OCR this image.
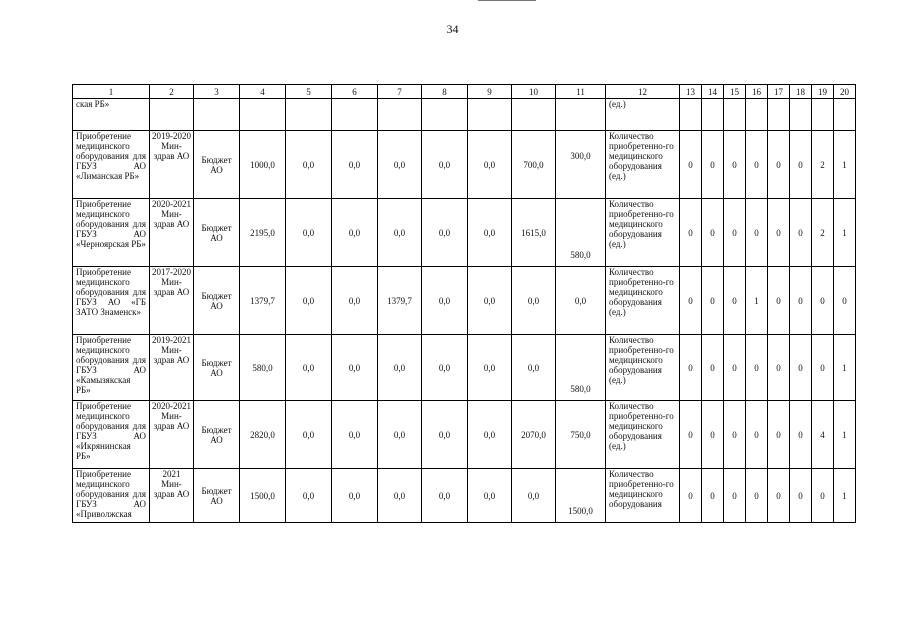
34
1	2	3	4	5	6	7	8	9	10	11	12	13	14	15	16	17	18	19	20
ская РБ»											(ед.)								
Приобретение медицинского оборудования для ГБУЗ АО «Лиманская РБ»	2019-2020 Мин-здрав АО	Бюджет АО	1000,0	0,0	0,0	0,0	0,0	0,0	700,0	300,0	Количество приобретенно-го медицинского оборудования (ед.)	0	0	0	0	0	0	2	1
Приобретение медицинского оборудования для ГБУЗ АО «Черноярская РБ»	2020-2021 Мин-здрав АО	Бюджет АО	2195,0	0,0	0,0	0,0	0,0	0,0	1615,0	580,0	Количество приобретенно-го медицинского оборудования (ед.)	0	0	0	0	0	0	2	1
Приобретение медицинского оборудования для ГБУЗ АО «ГБ ЗАТО Знаменск»	2017-2020 Мин-здрав АО	Бюджет АО	1379,7	0,0	0,0	1379,7	0,0	0,0	0,0	0,0	Количество приобретенно-го медицинского оборудования (ед.)	0	0	0	1	0	0	0	0
Приобретение медицинского оборудования для ГБУЗ АО «Камызякская РБ»	2019-2021 Мин-здрав АО	Бюджет АО	580,0	0,0	0,0	0,0	0,0	0,0	0,0	580,0	Количество приобретенно-го медицинского оборудования (ед.)	0	0	0	0	0	0	0	1
Приобретение медицинского оборудования для ГБУЗ АО «Икрянинская РБ»	2020-2021 Мин-здрав АО	Бюджет АО	2820,0	0,0	0,0	0,0	0,0	0,0	2070,0	750,0	Количество приобретенно-го медицинского оборудования (ед.)	0	0	0	0	0	0	4	1
Приобретение медицинского оборудования для ГБУЗ АО «Приволжская	2021 Мин-здрав АО	Бюджет АО	1500,0	0,0	0,0	0,0	0,0	0,0	0,0	1500,0	Количество приобретенно-го медицинского оборудования	0	0	0	0	0	0	0	1
